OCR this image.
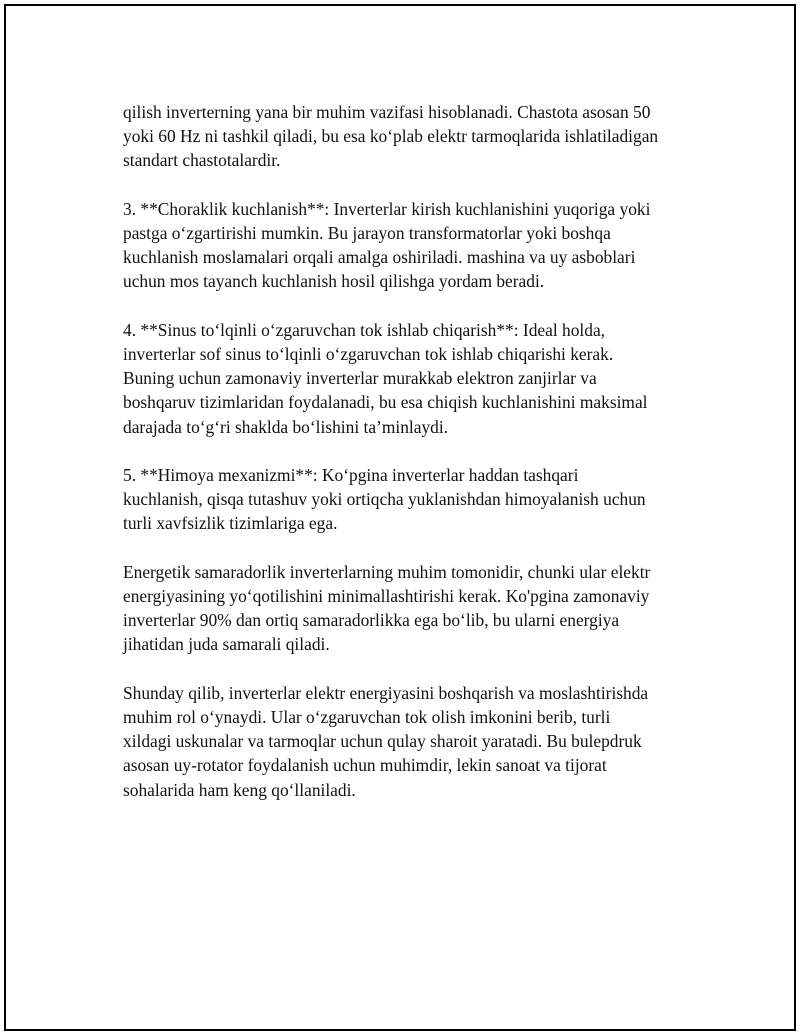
qilish inverterning yana bir muhim vazifasi hisoblanadi. Chastota asosan 50
yoki 60 Hz ni tashkil qiladi, bu esa koʻplab elektr tarmoqlarida ishlatiladigan
standart chastotalardir.

3. **Choraklik kuchlanish**: Inverterlar kirish kuchlanishini yuqoriga yoki
pastga oʻzgartirishi mumkin. Bu jarayon transformatorlar yoki boshqa
kuchlanish moslamalari orqali amalga oshiriladi. mashina va uy asboblari
uchun mos tayanch kuchlanish hosil qilishga yordam beradi.

4. **Sinus toʻlqinli oʻzgaruvchan tok ishlab chiqarish**: Ideal holda,
inverterlar sof sinus toʻlqinli oʻzgaruvchan tok ishlab chiqarishi kerak.
Buning uchun zamonaviy inverterlar murakkab elektron zanjirlar va
boshqaruv tizimlaridan foydalanadi, bu esa chiqish kuchlanishini maksimal
darajada toʻgʻri shaklda boʻlishini taʼminlaydi.

5. **Himoya mexanizmi**: Koʻpgina inverterlar haddan tashqari
kuchlanish, qisqa tutashuv yoki ortiqcha yuklanishdan himoyalanish uchun
turli xavfsizlik tizimlariga ega.

Energetik samaradorlik inverterlarning muhim tomonidir, chunki ular elektr
energiyasining yoʻqotilishini minimallashtirishi kerak. Ko'pgina zamonaviy
inverterlar 90% dan ortiq samaradorlikka ega boʻlib, bu ularni energiya
jihatidan juda samarali qiladi.

Shunday qilib, inverterlar elektr energiyasini boshqarish va moslashtirishda
muhim rol oʻynaydi. Ular oʻzgaruvchan tok olish imkonini berib, turli
xildagi uskunalar va tarmoqlar uchun qulay sharoit yaratadi. Bu bulepdruk
asosan uy-rotator foydalanish uchun muhimdir, lekin sanoat va tijorat
sohalarida ham keng qoʻllaniladi.
